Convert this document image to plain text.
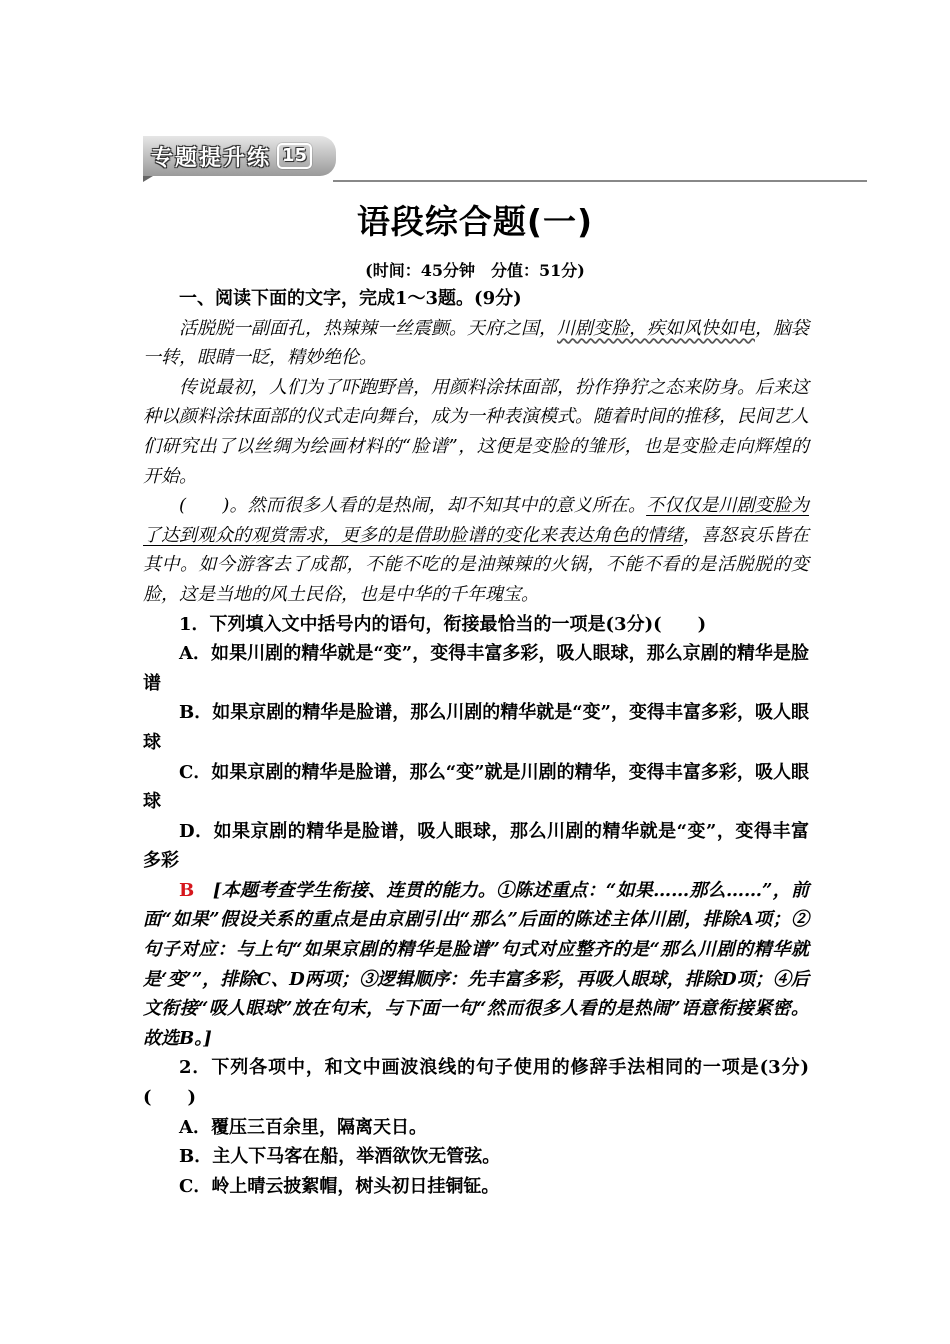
专题提升练 15
语段综合题(一)
(时间：45分钟　分值：51分)

一、阅读下面的文字，完成1～3题。(9分)

活脱脱一副面孔，热辣辣一丝震颤。天府之国，川剧变脸，疾如风快如电，脑袋一转，眼睛一眨，精妙绝伦。

传说最初，人们为了吓跑野兽，用颜料涂抹面部，扮作狰狞之态来防身。后来这种以颜料涂抹面部的仪式走向舞台，成为一种表演模式。随着时间的推移，民间艺人们研究出了以丝绸为绘画材料的“脸谱”，这便是变脸的雏形，也是变脸走向辉煌的开始。

(　　)。然而很多人看的是热闹，却不知其中的意义所在。不仅仅是川剧变脸为了达到观众的观赏需求，更多的是借助脸谱的变化来表达角色的情绪，喜怒哀乐皆在其中。如今游客去了成都，不能不吃的是油辣辣的火锅，不能不看的是活脱脱的变脸，这是当地的风土民俗，也是中华的千年瑰宝。

1．下列填入文中括号内的语句，衔接最恰当的一项是(3分)(　　)

A．如果川剧的精华就是“变”，变得丰富多彩，吸人眼球，那么京剧的精华是脸谱

B．如果京剧的精华是脸谱，那么川剧的精华就是“变”，变得丰富多彩，吸人眼球

C．如果京剧的精华是脸谱，那么“变”就是川剧的精华，变得丰富多彩，吸人眼球

D．如果京剧的精华是脸谱，吸人眼球，那么川剧的精华就是“变”，变得丰富多彩

B　 [本题考查学生衔接、连贯的能力。①陈述重点：“如果……那么……”，前面“如果”假设关系的重点是由京剧引出“那么”后面的陈述主体川剧，排除A项；②句子对应：与上句“如果京剧的精华是脸谱”句式对应整齐的是“那么川剧的精华就是‘变’”，排除C、D两项；③逻辑顺序：先丰富多彩，再吸人眼球，排除D项；④后文衔接“吸人眼球”放在句末，与下面一句“然而很多人看的是热闹”语意衔接紧密。故选B。]

2．下列各项中，和文中画波浪线的句子使用的修辞手法相同的一项是(3分)(　　)

A．覆压三百余里，隔离天日。

B．主人下马客在船，举酒欲饮无管弦。

C．岭上晴云披絮帽，树头初日挂铜钲。
